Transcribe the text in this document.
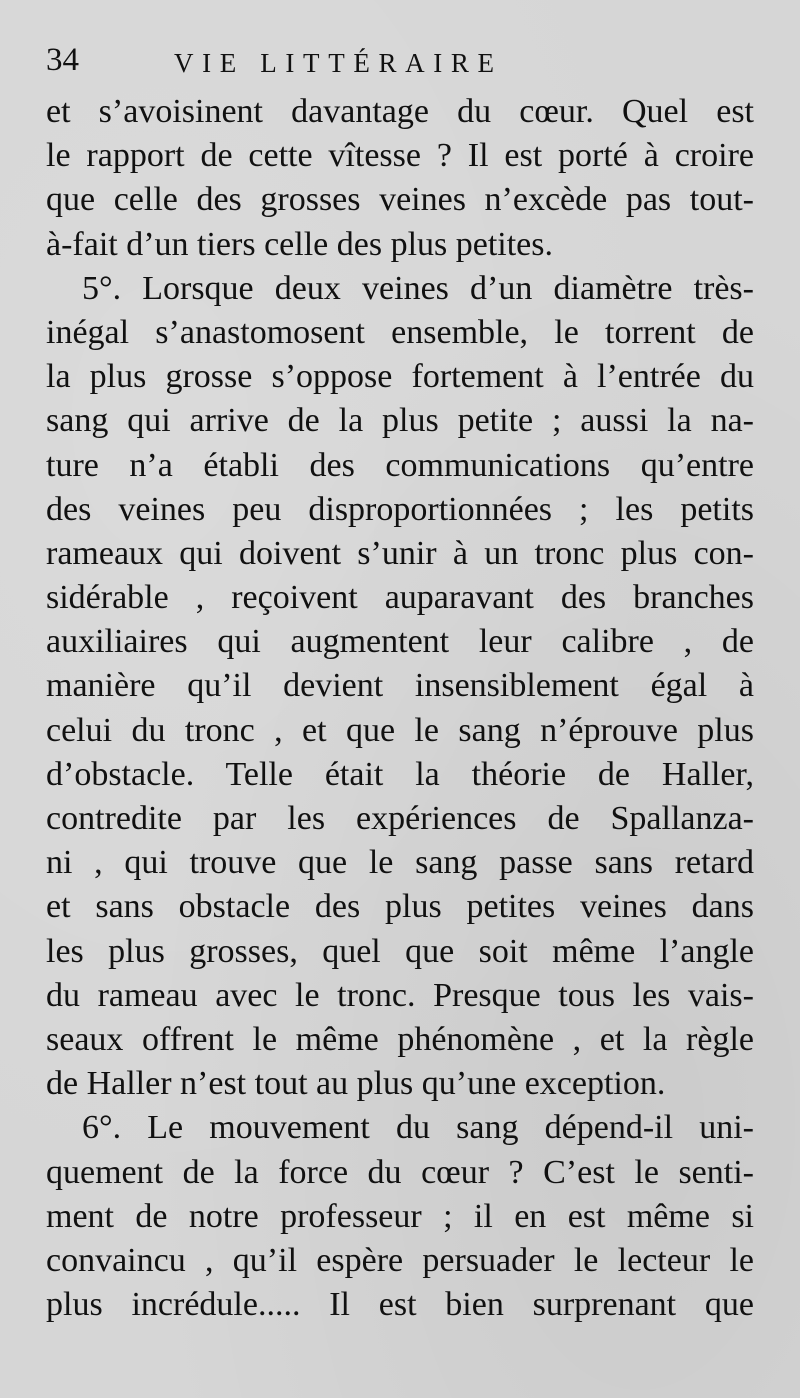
34	VIE LITTÉRAIRE
et s’avoisinent davantage du cœur. Quel est
le rapport de cette vîtesse ? Il est porté à croire
que celle des grosses veines n’excède pas tout-
à-fait d’un tiers celle des plus petites.
5°. Lorsque deux veines d’un diamètre très-
inégal s’anastomosent ensemble, le torrent de
la plus grosse s’oppose fortement à l’entrée du
sang qui arrive de la plus petite ; aussi la na-
ture n’a établi des communications qu’entre
des veines peu disproportionnées ; les petits
rameaux qui doivent s’unir à un tronc plus con-
sidérable , reçoivent auparavant des branches
auxiliaires qui augmentent leur calibre , de
manière qu’il devient insensiblement égal à
celui du tronc , et que le sang n’éprouve plus
d’obstacle. Telle était la théorie de Haller,
contredite par les expériences de Spallanza-
ni , qui trouve que le sang passe sans retard
et sans obstacle des plus petites veines dans
les plus grosses, quel que soit même l’angle
du rameau avec le tronc. Presque tous les vais-
seaux offrent le même phénomène , et la règle
de Haller n’est tout au plus qu’une exception.
6°. Le mouvement du sang dépend-il uni-
quement de la force du cœur ? C’est le senti-
ment de notre professeur ; il en est même si
convaincu , qu’il espère persuader le lecteur le
plus incrédule..... Il est bien surprenant que
